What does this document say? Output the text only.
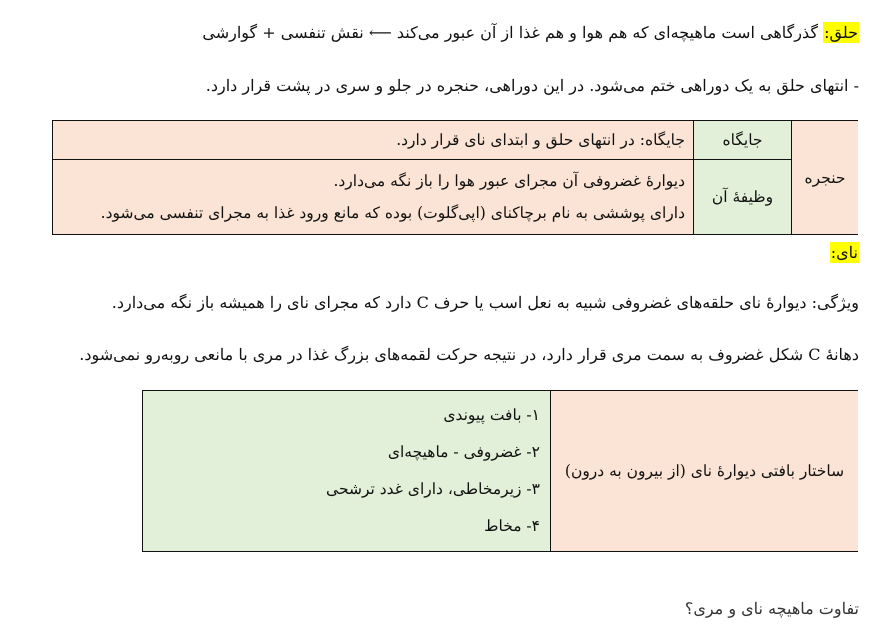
حلق: گذرگاهی است ماهیچه‌ای که هم هوا و هم غذا از آن عبور می‌کند ⟵ نقش تنفسی + گوارشی
- انتهای حلق به یک دوراهی ختم می‌شود. در این دوراهی، حنجره در جلو و سری در پشت قرار دارد.
حنجره	جایگاه	جایگاه: در انتهای حلق و ابتدای نای قرار دارد.
	وظیفهٔ آن	دیوارهٔ غضروفی آن مجرای عبور هوا را باز نگه می‌دارد.
دارای پوششی به نام برچاکنای (اپی‌گلوت) بوده که مانع ورود غذا به مجرای تنفسی می‌شود.
نای:
ویژگی: دیوارهٔ نای حلقه‌های غضروفی شبیه به نعل اسب یا حرف C دارد که مجرای نای را همیشه باز نگه می‌دارد.
دهانهٔ C شکل غضروف به سمت مری قرار دارد، در نتیجه حرکت لقمه‌های بزرگ غذا در مری با مانعی روبه‌رو نمی‌شود.
ساختار بافتی دیوارهٔ نای (از بیرون به درون)	
۱- بافت پیوندی
۲- غضروفی - ماهیچه‌ای
۳- زیرمخاطی، دارای غدد ترشحی
۴- مخاط
تفاوت ماهیچه نای و مری؟
